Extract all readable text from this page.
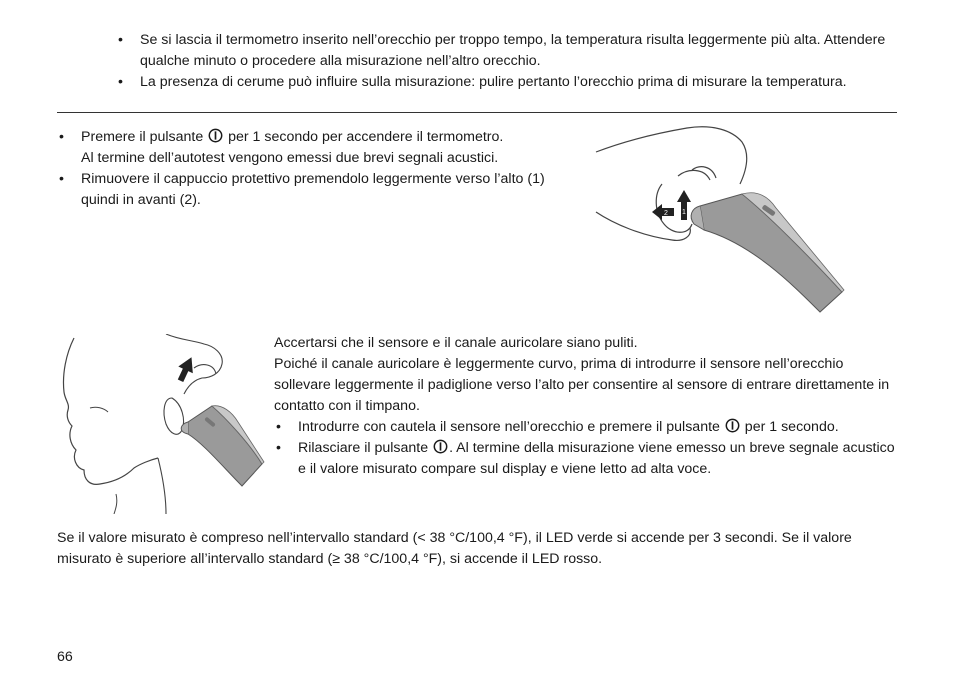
• Se si lascia il termometro inserito nell’orecchio per troppo tempo, la temperatura risulta leggermente più alta. Attendere qualche minuto o procedere alla misurazione nell’altro orecchio.
• La presenza di cerume può influire sulla misurazione: pulire pertanto l’orecchio prima di misurare la temperatura.
• Premere il pulsante  per 1 secondo per accendere il termometro.
Al termine dell’autotest vengono emessi due brevi segnali acustici.
• Rimuovere il cappuccio protettivo premendolo leggermente verso l’alto (1) quindi in avanti (2).
2 1

Accertarsi che il sensore e il canale auricolare siano puliti.

Poiché il canale auricolare è leggermente curvo, prima di introdurre il sensore nell’orecchio sollevare leggermente il padiglione verso l’alto per consentire al sensore di entrare direttamente in contatto con il timpano.

• Introdurre con cautela il sensore nell’orecchio e premere il pulsante  per 1 secondo.
• Rilasciare il pulsante . Al termine della misurazione viene emesso un breve segnale acustico e il valore misurato compare sul display e viene letto ad alta voce.

Se il valore misurato è compreso nell’intervallo standard (< 38 °C/100,4 °F), il LED verde si accende per 3 secondi. Se il valore misurato è superiore all’intervallo standard (≥ 38 °C/100,4 °F), si accende il LED rosso.

66
